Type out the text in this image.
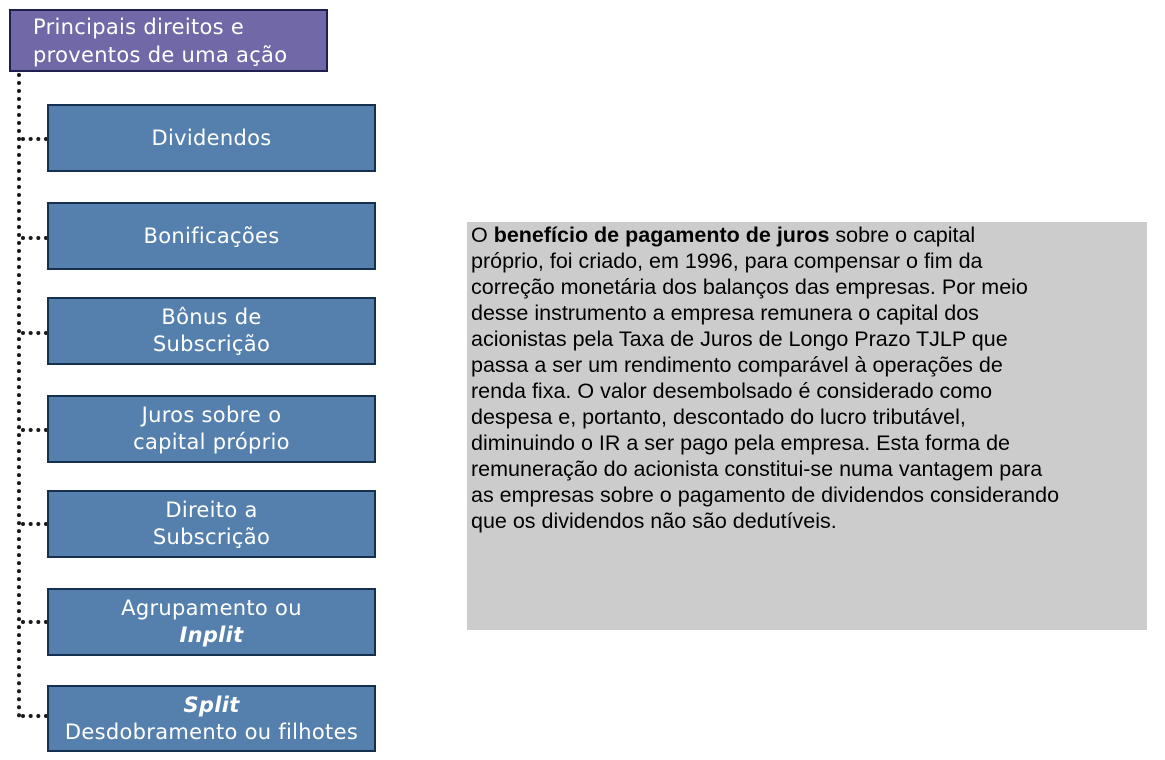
Principais direitos e
proventos de uma ação
Dividendos
Bonificações
Bônus de
Subscrição
Juros sobre o
capital próprio
Direito a
Subscrição
Agrupamento ou
Inplit
Split
Desdobramento ou filhotes

O benefício de pagamento de juros sobre o capital

próprio, foi criado, em 1996, para compensar o fim da

correção monetária dos balanços das empresas. Por meio

desse instrumento a empresa remunera o capital dos

acionistas pela Taxa de Juros de Longo Prazo TJLP que

passa a ser um rendimento comparável à operações de

renda fixa. O valor desembolsado é considerado como

despesa e, portanto, descontado do lucro tributável,

diminuindo o IR a ser pago pela empresa. Esta forma de

remuneração do acionista constitui-se numa vantagem para

as empresas sobre o pagamento de dividendos considerando

que os dividendos não são dedutíveis.
